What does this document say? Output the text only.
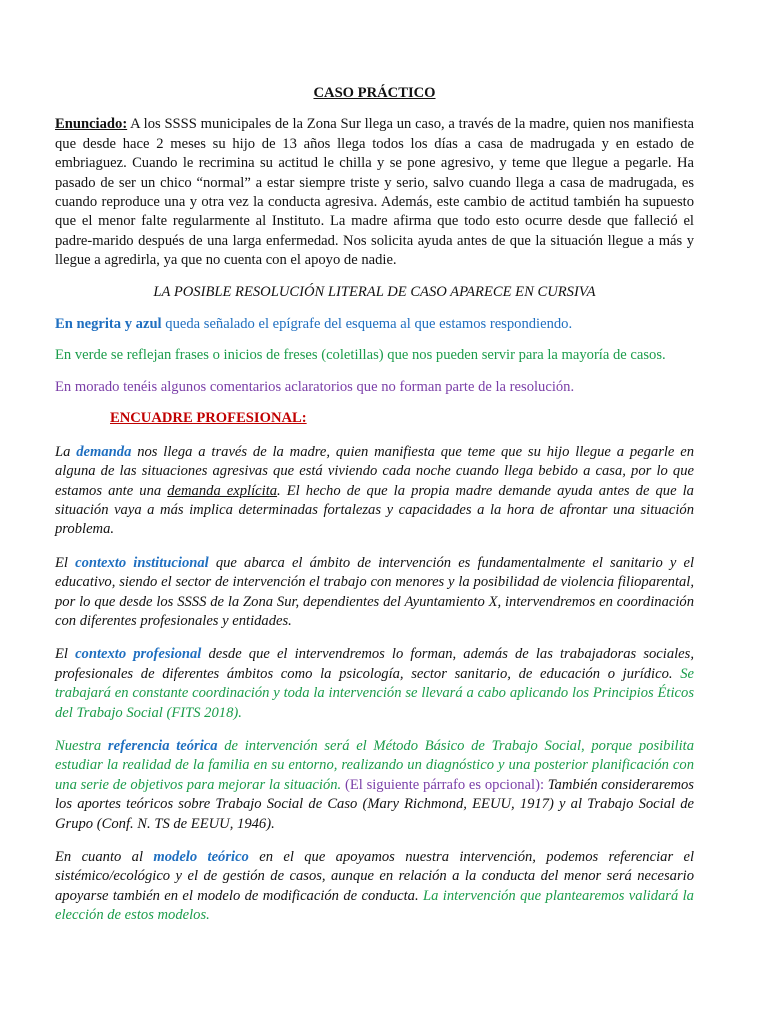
CASO PRÁCTICO

Enunciado: A los SSSS municipales de la Zona Sur llega un caso, a través de la madre, quien nos manifiesta que desde hace 2 meses su hijo de 13 años llega todos los días a casa de madrugada y en estado de embriaguez. Cuando le recrimina su actitud le chilla y se pone agresivo, y teme que llegue a pegarle. Ha pasado de ser un chico “normal” a estar siempre triste y serio, salvo cuando llega a casa de madrugada, es cuando reproduce una y otra vez la conducta agresiva. Además, este cambio de actitud también ha supuesto que el menor falte regularmente al Instituto. La madre afirma que todo esto ocurre desde que falleció el padre-marido después de una larga enfermedad. Nos solicita ayuda antes de que la situación llegue a más y llegue a agredirla, ya que no cuenta con el apoyo de nadie.

LA POSIBLE RESOLUCIÓN LITERAL DE CASO APARECE EN CURSIVA

En negrita y azul queda señalado el epígrafe del esquema al que estamos respondiendo.

En verde se reflejan frases o inicios de freses (coletillas) que nos pueden servir para la mayoría de casos.

En morado tenéis algunos comentarios aclaratorios que no forman parte de la resolución.

ENCUADRE PROFESIONAL:

La demanda nos llega a través de la madre, quien manifiesta que teme que su hijo llegue a pegarle en alguna de las situaciones agresivas que está viviendo cada noche cuando llega bebido a casa, por lo que estamos ante una demanda explícita. El hecho de que la propia madre demande ayuda antes de que la situación vaya a más implica determinadas fortalezas y capacidades a la hora de afrontar una situación problema.

El contexto institucional que abarca el ámbito de intervención es fundamentalmente el sanitario y el educativo, siendo el sector de intervención el trabajo con menores y la posibilidad de violencia filioparental, por lo que desde los SSSS de la Zona Sur, dependientes del Ayuntamiento X, intervendremos en coordinación con diferentes profesionales y entidades.

El contexto profesional desde que el intervendremos lo forman, además de las trabajadoras sociales, profesionales de diferentes ámbitos como la psicología, sector sanitario, de educación o jurídico. Se trabajará en constante coordinación y toda la intervención se llevará a cabo aplicando los Principios Éticos del Trabajo Social (FITS 2018).

Nuestra referencia teórica de intervención será el Método Básico de Trabajo Social, porque posibilita estudiar la realidad de la familia en su entorno, realizando un diagnóstico y una posterior planificación con una serie de objetivos para mejorar la situación. (El siguiente párrafo es opcional): También consideraremos los aportes teóricos sobre Trabajo Social de Caso (Mary Richmond, EEUU, 1917) y al Trabajo Social de Grupo (Conf. N. TS de EEUU, 1946).

En cuanto al modelo teórico en el que apoyamos nuestra intervención, podemos referenciar el sistémico/ecológico y el de gestión de casos, aunque en relación a la conducta del menor será necesario apoyarse también en el modelo de modificación de conducta. La intervención que plantearemos validará la elección de estos modelos.
